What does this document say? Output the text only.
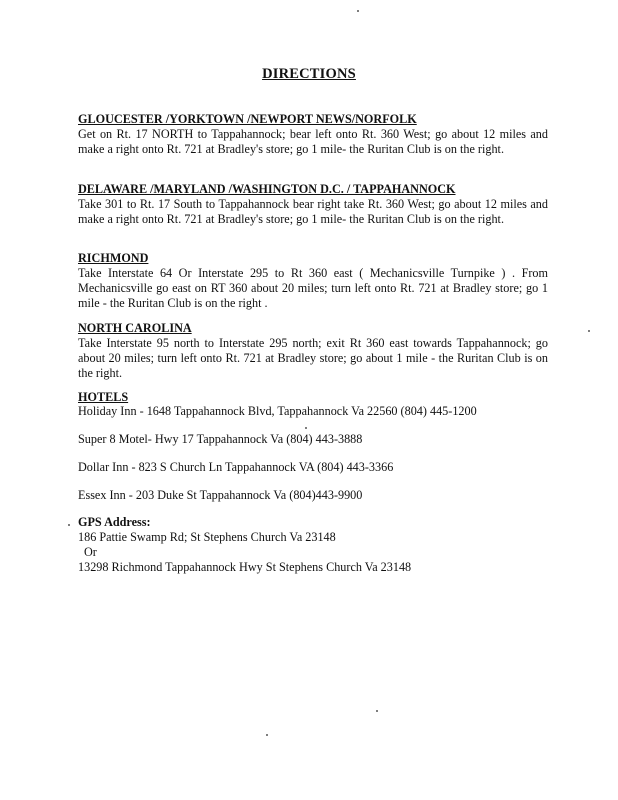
DIRECTIONS
GLOUCESTER /YORKTOWN /NEWPORT NEWS/NORFOLK
Get on Rt. 17 NORTH to Tappahannock; bear left onto Rt. 360 West; go about 12 miles and make a right onto Rt. 721 at Bradley's store; go 1 mile- the Ruritan Club is on the right.
DELAWARE /MARYLAND /WASHINGTON D.C. / TAPPAHANNOCK
Take 301 to Rt. 17 South to Tappahannock bear right take Rt. 360 West; go about 12 miles and make a right onto Rt. 721 at Bradley's store; go 1 mile- the Ruritan Club is on the right.
RICHMOND
Take Interstate 64 Or Interstate 295 to Rt 360 east ( Mechanicsville Turnpike ) . From Mechanicsville go east on RT 360 about 20 miles; turn left onto Rt. 721 at Bradley store; go 1 mile - the Ruritan Club is on the right .
NORTH CAROLINA
Take Interstate 95 north to Interstate 295 north; exit Rt 360 east towards Tappahannock; go about 20 miles; turn left onto Rt. 721 at Bradley store; go about 1 mile - the Ruritan Club is on the right.
HOTELS
Holiday Inn - 1648 Tappahannock Blvd, Tappahannock Va 22560 (804) 445-1200
Super 8 Motel- Hwy 17 Tappahannock Va (804) 443-3888
Dollar Inn - 823 S Church Ln Tappahannock VA (804) 443-3366
Essex Inn - 203 Duke St Tappahannock Va (804)443-9900
GPS Address:
186 Pattie Swamp Rd; St Stephens Church Va 23148
Or
13298 Richmond Tappahannock Hwy St Stephens Church Va 23148
